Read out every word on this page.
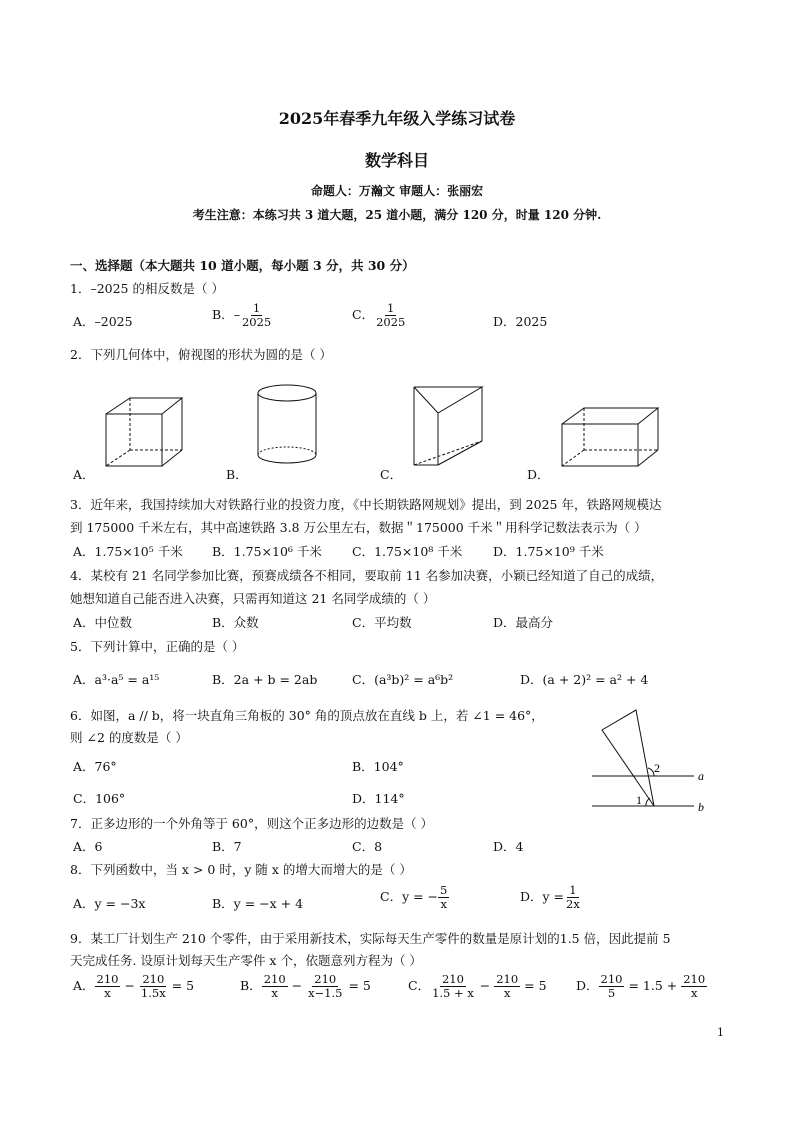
2025年春季九年级入学练习试卷
数学科目
命题人：万瀚文 审题人：张丽宏
考生注意：本练习共 3 道大题，25 道小题，满分 120 分，时量 120 分钟.
一、选择题（本大题共 10 道小题，每小题 3 分，共 30 分）
1．–2025 的相反数是（ ）
A．–2025	B．– $\frac{1}{2025}$	C． $\frac{1}{2025}$	D．2025
2．下列几何体中，俯视图的形状为圆的是（ ）
A．	B．	C．	D．
3．近年来，我国持续加大对铁路行业的投资力度，《中长期铁路网规划》提出，到 2025 年，铁路网规模达
到 175000 千米左右，其中高速铁路 3.8 万公里左右，数据＂175000 千米＂用科学记数法表示为（ ）
A．1.75×10⁵ 千米 B．1.75×10⁶ 千米 C．1.75×10⁸ 千米 D．1.75×10⁹ 千米
4．某校有 21 名同学参加比赛，预赛成绩各不相同，要取前 11 名参加决赛，小颖已经知道了自己的成绩，
她想知道自己能否进入决赛，只需再知道这 21 名同学成绩的（ ）
A．中位数	B．众数	C．平均数	D．最高分
5．下列计算中，正确的是（ ）
A．a³·a⁵ = a¹⁵	B．2a + b = 2ab	C．(a³b)² = a⁶b²	D．(a + 2)² = a² + 4
6．如图，a // b，将一块直角三角板的 30° 角的顶点放在直线 b 上，若 ∠1 = 46°，
则 ∠2 的度数是（ ）
A．76°	B．104°
C．106°	D．114°
a
b
1
2
7．正多边形的一个外角等于 60°，则这个正多边形的边数是（ ）
A．6	B．7	C．8	D．4
8．下列函数中，当 x > 0 时，y 随 x 的增大而增大的是（ ）
A．y = −3x	B．y = −x + 4	C．y = − $\frac{5}{x}$	D．$y = \frac{1}{2x}$
9．某工厂计划生产 210 个零件，由于采用新技术，实际每天生产零件的数量是原计划的1.5 倍，因此提前 5
天完成任务. 设原计划每天生产零件 x 个，依题意列方程为（ ）
A． $\frac{210}{x} - \frac{210}{1.5x} = 5$	B． $\frac{210}{x} - \frac{210}{x-1.5} = 5$	C． $\frac{210}{1.5 + x} - \frac{210}{x} = 5$ D． $\frac{210}{5} = 1.5 + \frac{210}{x}$
1
